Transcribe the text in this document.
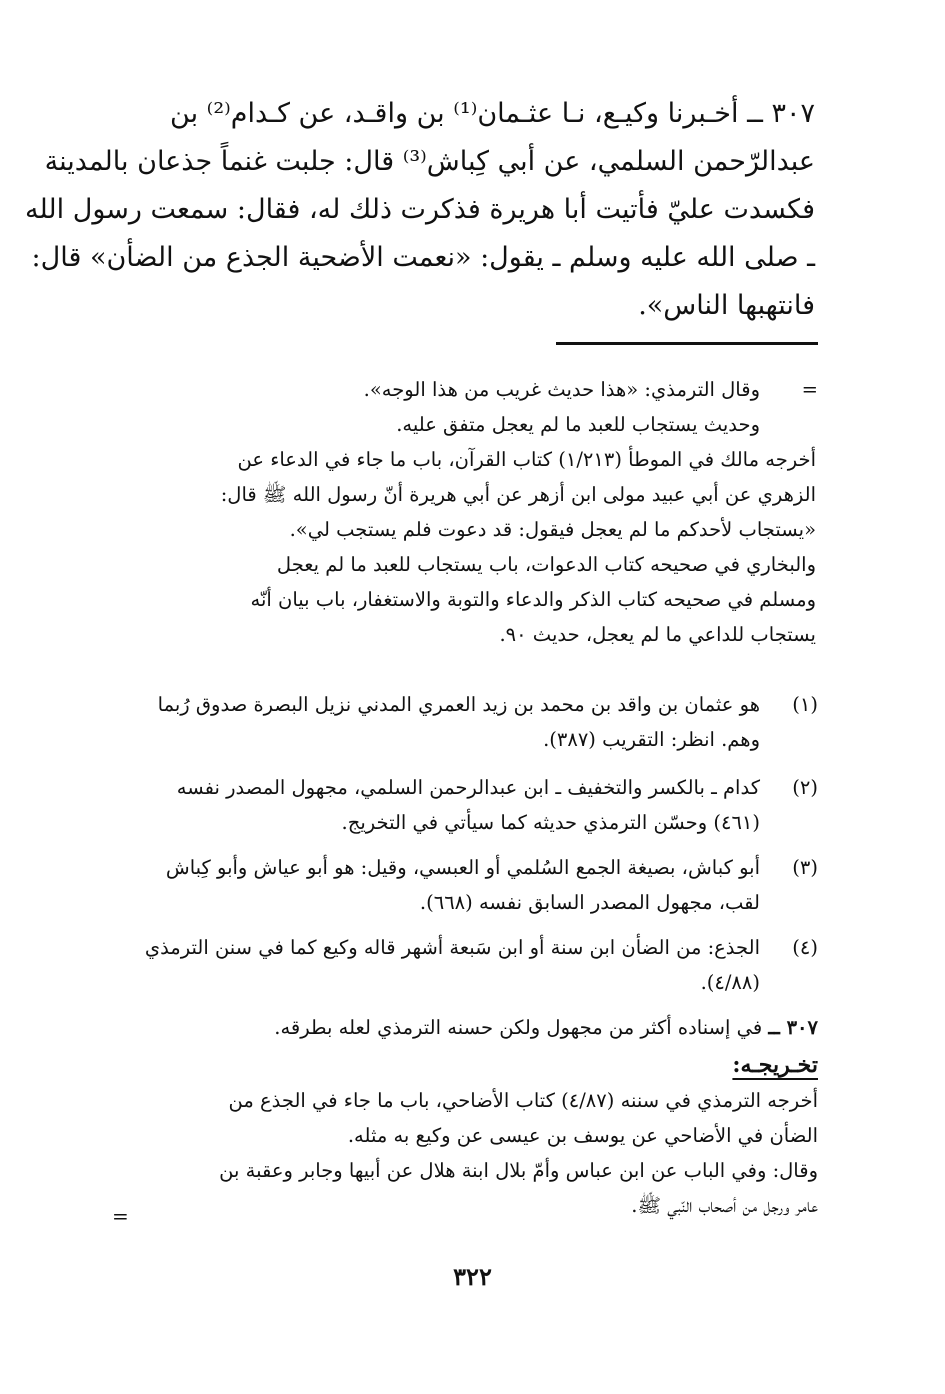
٣٠٧ ــ أخـبرنا وكيـع، نـا عثـمان⁽¹⁾ بن واقـد، عن كـدام⁽²⁾ بن
عبدالرّحمن السلمي، عن أبي كِباش⁽³⁾ قال: جلبت غنماً جذعان بالمدينة
فكسدت عليّ فأتيت أبا هريرة فذكرت ذلك له، فقال: سمعت رسول الله
ـ صلى الله عليه وسلم ـ يقول: «نعمت الأضحية الجذع من الضأن» قال:
فانتهبها الناس».
=
وقال الترمذي: «هذا حديث غريب من هذا الوجه».
وحديث يستجاب للعبد ما لم يعجل متفق عليه.
أخرجه مالك في الموطأ (١/٢١٣) كتاب القرآن، باب ما جاء في الدعاء عن
الزهري عن أبي عبيد مولى ابن أزهر عن أبي هريرة أنّ رسول الله ﷺ قال:
«يستجاب لأحدكم ما لم يعجل فيقول: قد دعوت فلم يستجب لي».
والبخاري في صحيحه كتاب الدعوات، باب يستجاب للعبد ما لم يعجل
ومسلم في صحيحه كتاب الذكر والدعاء والتوبة والاستغفار، باب بيان أنّه
يستجاب للداعي ما لم يعجل، حديث ٩٠.
(١)
هو عثمان بن واقد بن محمد بن زيد العمري المدني نزيل البصرة صدوق رُبما
وهم. انظر: التقريب (٣٨٧).
(٢)
كدام ـ بالكسر والتخفيف ـ ابن عبدالرحمن السلمي، مجهول المصدر نفسه
(٤٦١) وحسّن الترمذي حديثه كما سيأتي في التخريج.
(٣)
أبو كباش، بصيغة الجمع السُلمي أو العبسي، وقيل: هو أبو عياش وأبو كِباش
لقب، مجهول المصدر السابق نفسه (٦٦٨).
(٤)
الجذع: من الضأن ابن سنة أو ابن سَبعة أشهر قاله وكيع كما في سنن الترمذي
(٤/٨٨).
٣٠٧ ــ في إسناده أكثر من مجهول ولكن حسنه الترمذي لعله بطرقه.
تخـريجـه:
أخرجه الترمذي في سننه (٤/٨٧) كتاب الأضاحي، باب ما جاء في الجذع من
الضأن في الأضاحي عن يوسف بن عيسى عن وكيع به مثله.
وقال: وفي الباب عن ابن عباس وأمّ بلال ابنة هلال عن أبيها وجابر وعقبة بن
عامر ورجل من أصحاب النّبي ﷺ.
=
٣٢٢
